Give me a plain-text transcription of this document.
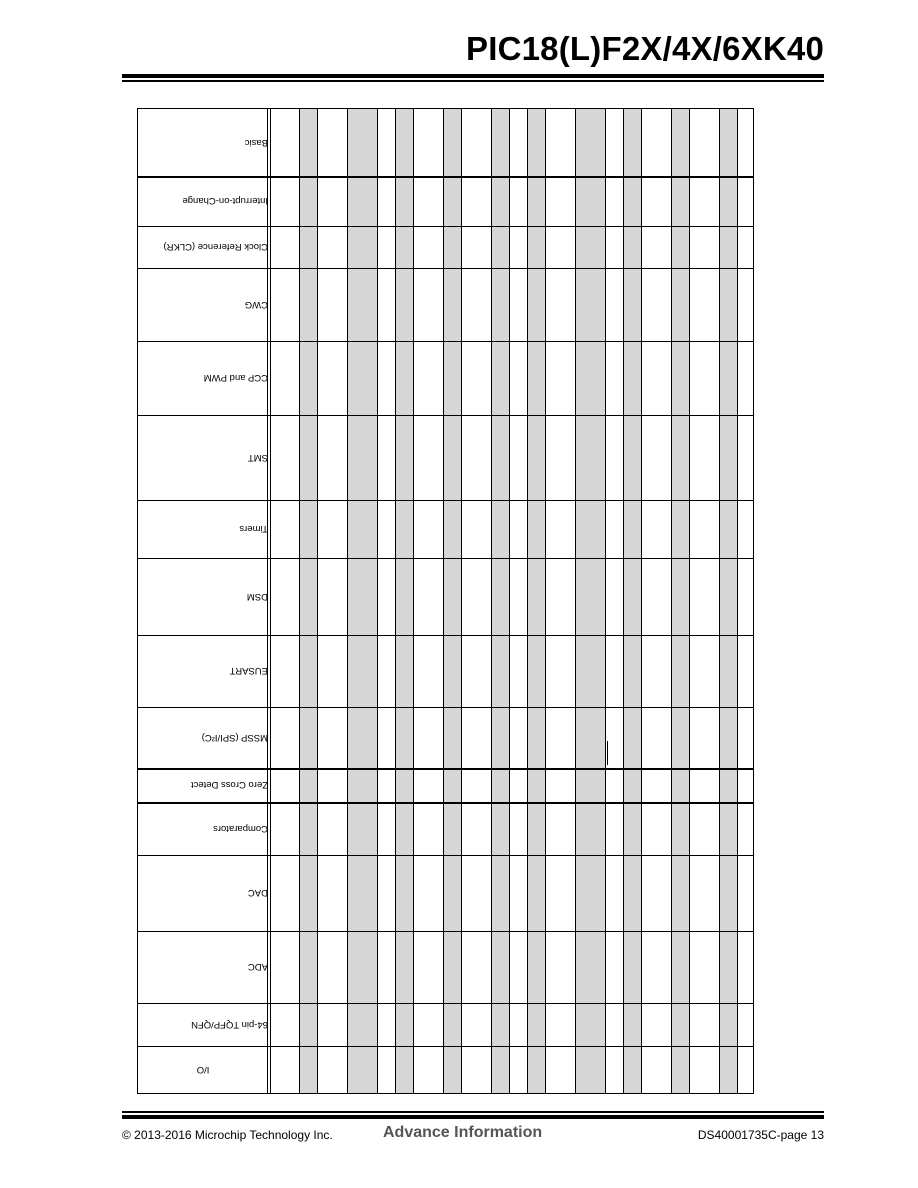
PIC18(L)F2X/4X/6XK40
Basic
Interrupt-on-Change
Clock Reference (CLKR)
CWG
CCP and PWM
SMT
Timers
DSM
EUSART
MSSP (SPI/I²C)
Zero Cross Detect
Comparators
DAC
ADC
64-pin TQFP/QFN
I/O
© 2013-2016 Microchip Technology Inc.	Advance Information	DS40001735C-page 13
